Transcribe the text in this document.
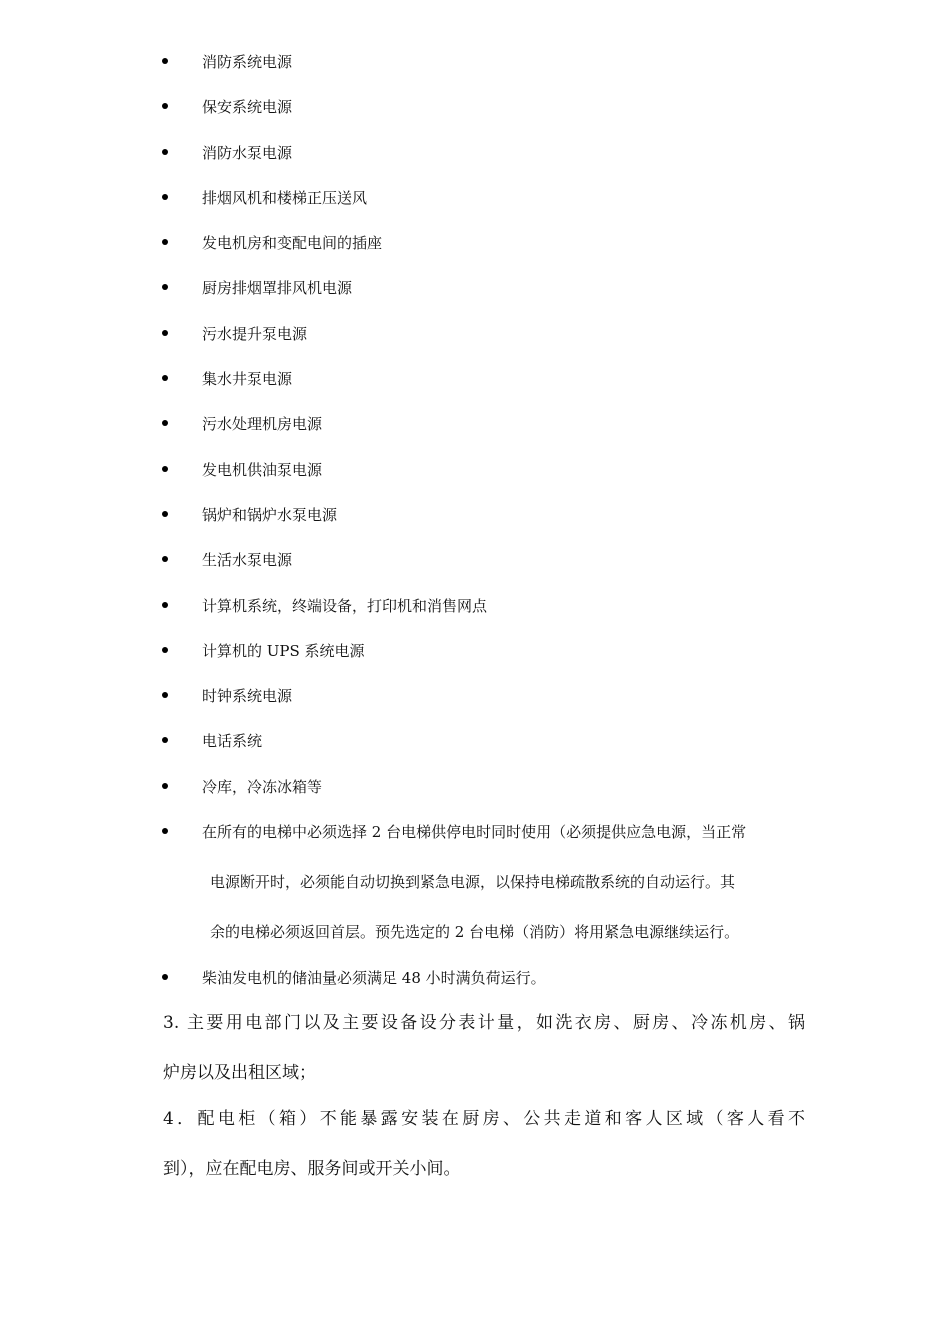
消防系统电源
保安系统电源
消防水泵电源
排烟风机和楼梯正压送风
发电机房和变配电间的插座
厨房排烟罩排风机电源
污水提升泵电源
集水井泵电源
污水处理机房电源
发电机供油泵电源
锅炉和锅炉水泵电源
生活水泵电源
计算机系统，终端设备，打印机和消售网点
计算机的 UPS 系统电源
时钟系统电源
电话系统
冷库，冷冻冰箱等
在所有的电梯中必须选择 2 台电梯供停电时同时使用（必须提供应急电源，当正常
电源断开时，必须能自动切换到紧急电源，以保持电梯疏散系统的自动运行。其
余的电梯必须返回首层。预先选定的 2 台电梯（消防）将用紧急电源继续运行。
柴油发电机的储油量必须满足 48 小时满负荷运行。
3. 主要用电部门以及主要设备设分表计量，如洗衣房、厨房、冷冻机房、锅
炉房以及出租区域；
4．配电柜（箱）不能暴露安装在厨房、公共走道和客人区域（客人看不
到），应在配电房、服务间或开关小间。
